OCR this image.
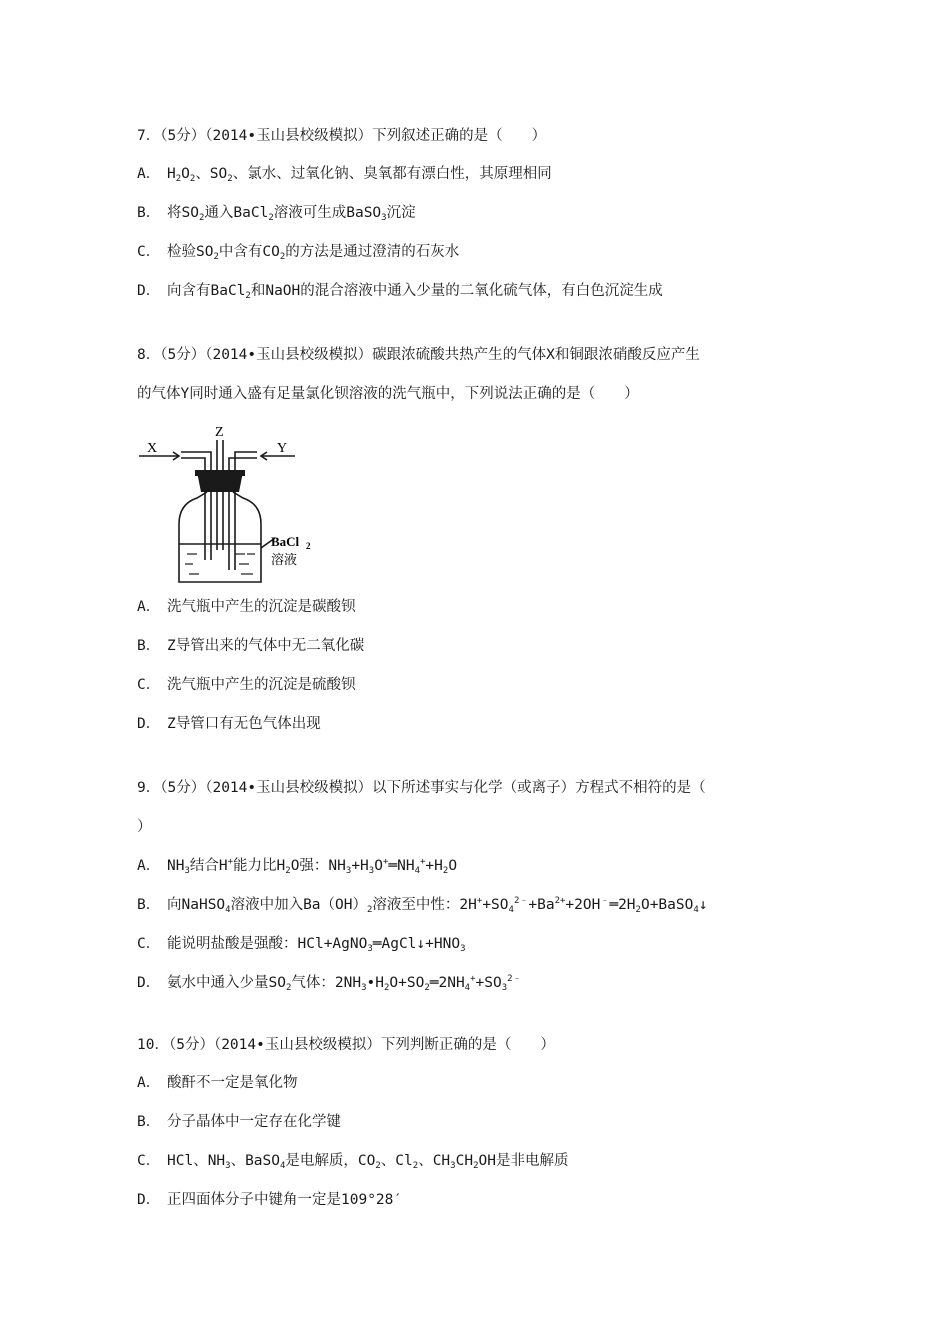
7．（5分）（2014•玉山县校级模拟）下列叙述正确的是（　　）
A． $H_2O_2$、$SO_2$、氯水、过氧化钠、臭氧都有漂白性，其原理相同
B． 将$SO_2$通入BaCl$_2$溶液可生成BaSO$_3$沉淀
C． 检验$SO_2$中含有$CO_2$的方法是通过澄清的石灰水
D． 向含有BaCl$_2$和NaOH的混合溶液中通入少量的二氧化硫气体，有白色沉淀生成
8．（5分）（2014•玉山县校级模拟）碳跟浓硫酸共热产生的气体X和铜跟浓硝酸反应产生
的气体Y同时通入盛有足量氯化钡溶液的洗气瓶中，下列说法正确的是（　　）
X	Y
Z
BaCl 2
溶液
A． 洗气瓶中产生的沉淀是碳酸钡
B． Z导管出来的气体中无二氧化碳
C． 洗气瓶中产生的沉淀是硫酸钡
D． Z导管口有无色气体出现
9．（5分）（2014•玉山县校级模拟）以下所述事实与化学（或离子）方程式不相符的是（
）
A． $NH_3$结合H+能力比$H_2O$强：$NH_3+H_3O^+═NH_4^++H_2O$
B． 向NaHSO$_4$溶液中加入$Ba(OH)_2$溶液至中性：$2H^++SO_4^{2﹣}+Ba^{2+}+2OH^﹣═2H_2O+BaSO_4↓$
C． 能说明盐酸是强酸：$HCl+AgNO_3═AgCl↓+HNO_3$
D． 氨水中通入少量$SO_2$气体：$2NH_3•H_2O+SO_2═2NH_4^++SO_3^{2﹣}$
10．（5分）（2014•玉山县校级模拟）下列判断正确的是（　　）
A． 酸酐不一定是氧化物
B． 分子晶体中一定存在化学键
C． HCl、$NH_3$、BaSO$_4$是电解质，$CO_2$、$Cl_2$、$CH_3CH_2OH$是非电解质
D． 正四面体分子中键角一定是109°28′
